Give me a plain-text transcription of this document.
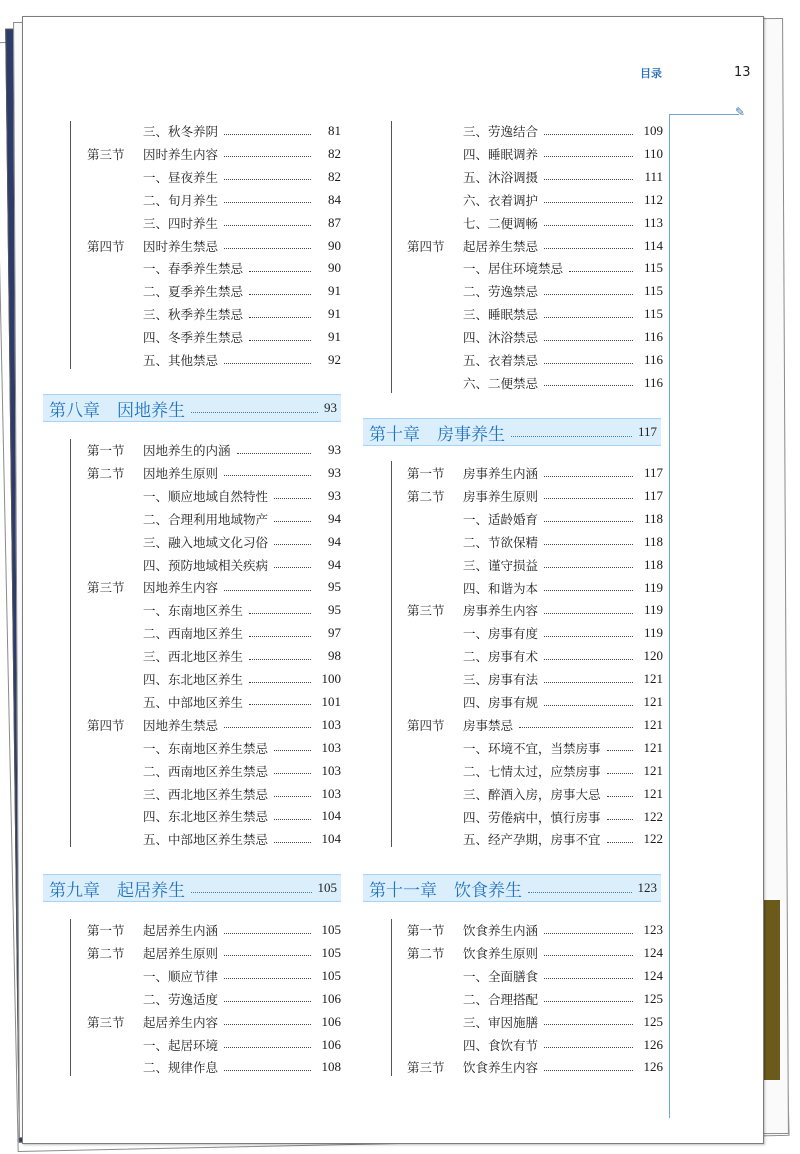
目录	13
✎
三、秋冬养阴	81
第三节	因时养生内容	82
一、昼夜养生	82
二、旬月养生	84
三、四时养生	87
第四节	因时养生禁忌	90
一、春季养生禁忌	90
二、夏季养生禁忌	91
三、秋季养生禁忌	91
四、冬季养生禁忌	91
五、其他禁忌	92
第八章　因地养生	93
第一节	因地养生的内涵	93
第二节	因地养生原则	93
一、顺应地域自然特性	93
二、合理利用地域物产	94
三、融入地域文化习俗	94
四、预防地域相关疾病	94
第三节	因地养生内容	95
一、东南地区养生	95
二、西南地区养生	97
三、西北地区养生	98
四、东北地区养生	100
五、中部地区养生	101
第四节	因地养生禁忌	103
一、东南地区养生禁忌	103
二、西南地区养生禁忌	103
三、西北地区养生禁忌	103
四、东北地区养生禁忌	104
五、中部地区养生禁忌	104
第九章　起居养生	105
第一节	起居养生内涵	105
第二节	起居养生原则	105
一、顺应节律	105
二、劳逸适度	106
第三节	起居养生内容	106
一、起居环境	106
二、规律作息	108
三、劳逸结合	109
四、睡眠调养	110
五、沐浴调摄	111
六、衣着调护	112
七、二便调畅	113
第四节	起居养生禁忌	114
一、居住环境禁忌	115
二、劳逸禁忌	115
三、睡眠禁忌	115
四、沐浴禁忌	116
五、衣着禁忌	116
六、二便禁忌	116
第十章　房事养生	117
第一节	房事养生内涵	117
第二节	房事养生原则	117
一、适龄婚育	118
二、节欲保精	118
三、谨守损益	118
四、和谐为本	119
第三节	房事养生内容	119
一、房事有度	119
二、房事有术	120
三、房事有法	121
四、房事有规	121
第四节	房事禁忌	121
一、环境不宜，当禁房事	121
二、七情太过，应禁房事	121
三、醉酒入房，房事大忌	121
四、劳倦病中，慎行房事	122
五、经产孕期，房事不宜	122
第十一章　饮食养生	123
第一节	饮食养生内涵	123
第二节	饮食养生原则	124
一、全面膳食	124
二、合理搭配	125
三、审因施膳	125
四、食饮有节	126
第三节	饮食养生内容	126
